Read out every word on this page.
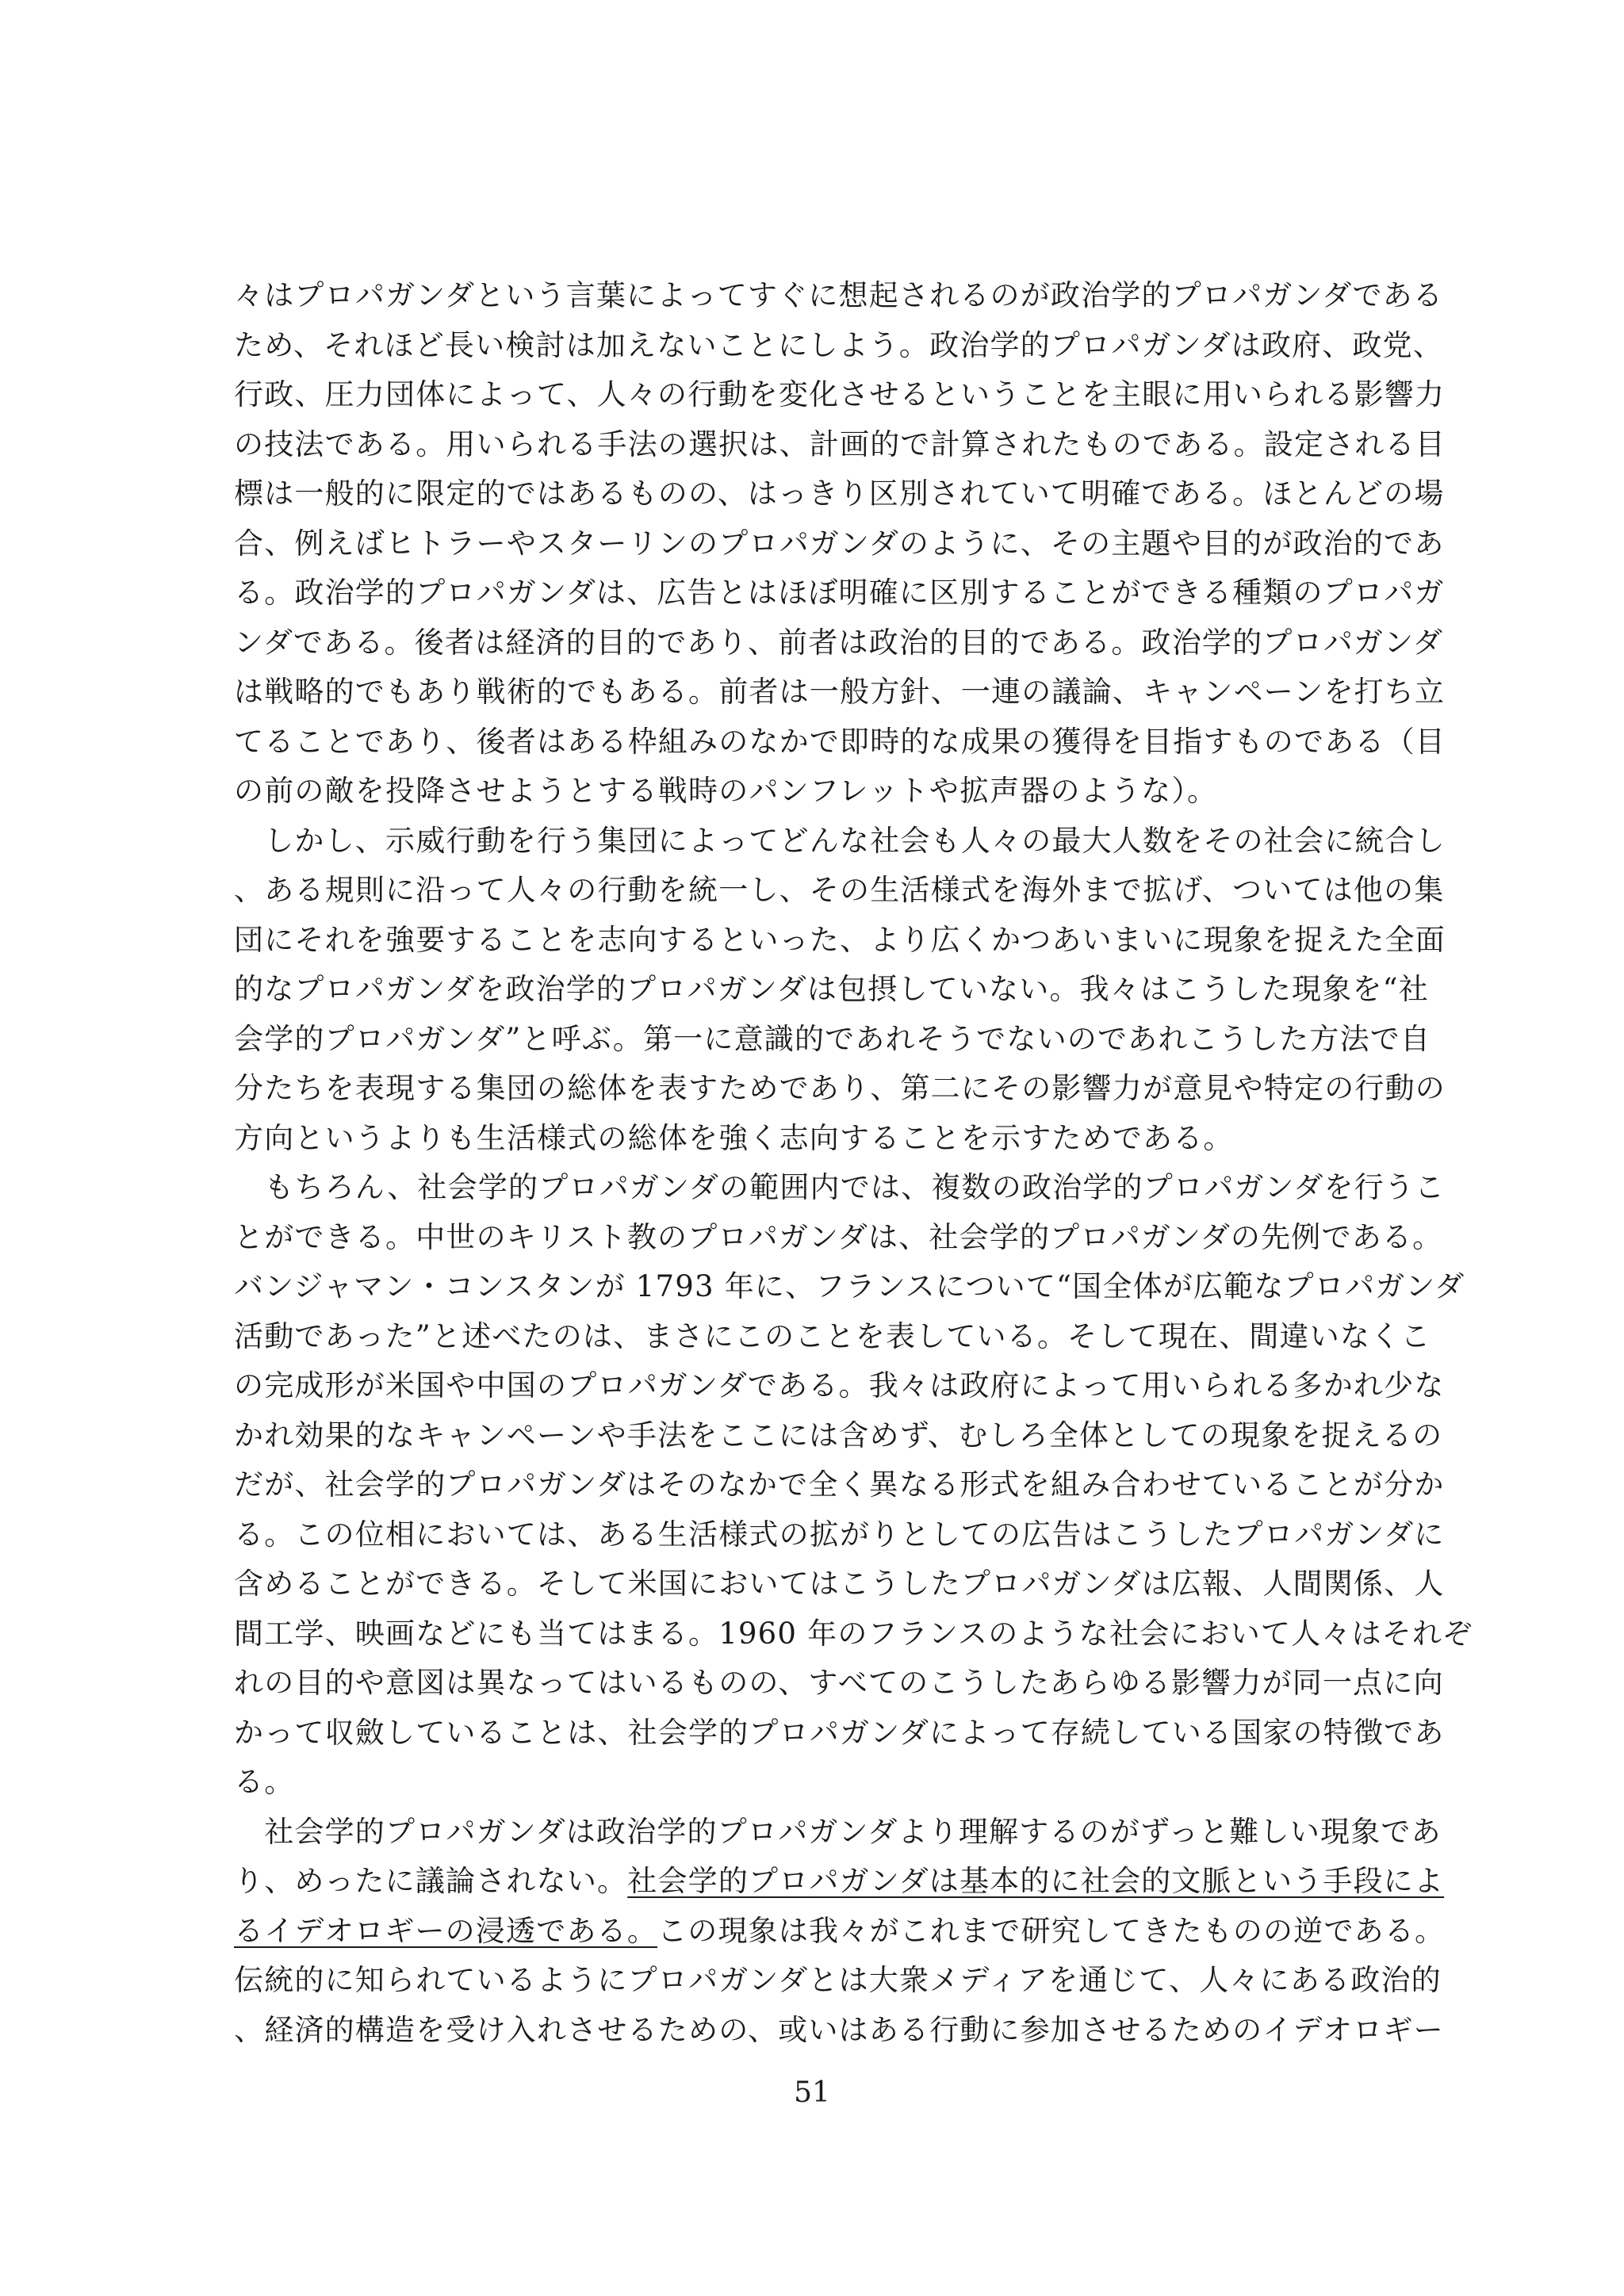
々はプロパガンダという言葉によってすぐに想起されるのが政治学的プロパガンダである
ため、それほど長い検討は加えないことにしよう。政治学的プロパガンダは政府、政党、
行政、圧力団体によって、人々の行動を変化させるということを主眼に用いられる影響力
の技法である。用いられる手法の選択は、計画的で計算されたものである。設定される目
標は一般的に限定的ではあるものの、はっきり区別されていて明確である。ほとんどの場
合、例えばヒトラーやスターリンのプロパガンダのように、その主題や目的が政治的であ
る。政治学的プロパガンダは、広告とはほぼ明確に区別することができる種類のプロパガ
ンダである。後者は経済的目的であり、前者は政治的目的である。政治学的プロパガンダ
は戦略的でもあり戦術的でもある。前者は一般方針、一連の議論、キャンペーンを打ち立
てることであり、後者はある枠組みのなかで即時的な成果の獲得を目指すものである（目
の前の敵を投降させようとする戦時のパンフレットや拡声器のような）。
　しかし、示威行動を行う集団によってどんな社会も人々の最大人数をその社会に統合し
、ある規則に沿って人々の行動を統一し、その生活様式を海外まで拡げ、ついては他の集
団にそれを強要することを志向するといった、より広くかつあいまいに現象を捉えた全面
的なプロパガンダを政治学的プロパガンダは包摂していない。我々はこうした現象を“社
会学的プロパガンダ”と呼ぶ。第一に意識的であれそうでないのであれこうした方法で自
分たちを表現する集団の総体を表すためであり、第二にその影響力が意見や特定の行動の
方向というよりも生活様式の総体を強く志向することを示すためである。
　もちろん、社会学的プロパガンダの範囲内では、複数の政治学的プロパガンダを行うこ
とができる。中世のキリスト教のプロパガンダは、社会学的プロパガンダの先例である。
バンジャマン・コンスタンが 1793 年に、フランスについて“国全体が広範なプロパガンダ
活動であった”と述べたのは、まさにこのことを表している。そして現在、間違いなくこ
の完成形が米国や中国のプロパガンダである。我々は政府によって用いられる多かれ少な
かれ効果的なキャンペーンや手法をここには含めず、むしろ全体としての現象を捉えるの
だが、社会学的プロパガンダはそのなかで全く異なる形式を組み合わせていることが分か
る。この位相においては、ある生活様式の拡がりとしての広告はこうしたプロパガンダに
含めることができる。そして米国においてはこうしたプロパガンダは広報、人間関係、人
間工学、映画などにも当てはまる。1960 年のフランスのような社会において人々はそれぞ
れの目的や意図は異なってはいるものの、すべてのこうしたあらゆる影響力が同一点に向
かって収斂していることは、社会学的プロパガンダによって存続している国家の特徴であ
る。
　社会学的プロパガンダは政治学的プロパガンダより理解するのがずっと難しい現象であ
り、めったに議論されない。社会学的プロパガンダは基本的に社会的文脈という手段によ
るイデオロギーの浸透である。この現象は我々がこれまで研究してきたものの逆である。
伝統的に知られているようにプロパガンダとは大衆メディアを通じて、人々にある政治的
、経済的構造を受け入れさせるための、或いはある行動に参加させるためのイデオロギー
51
